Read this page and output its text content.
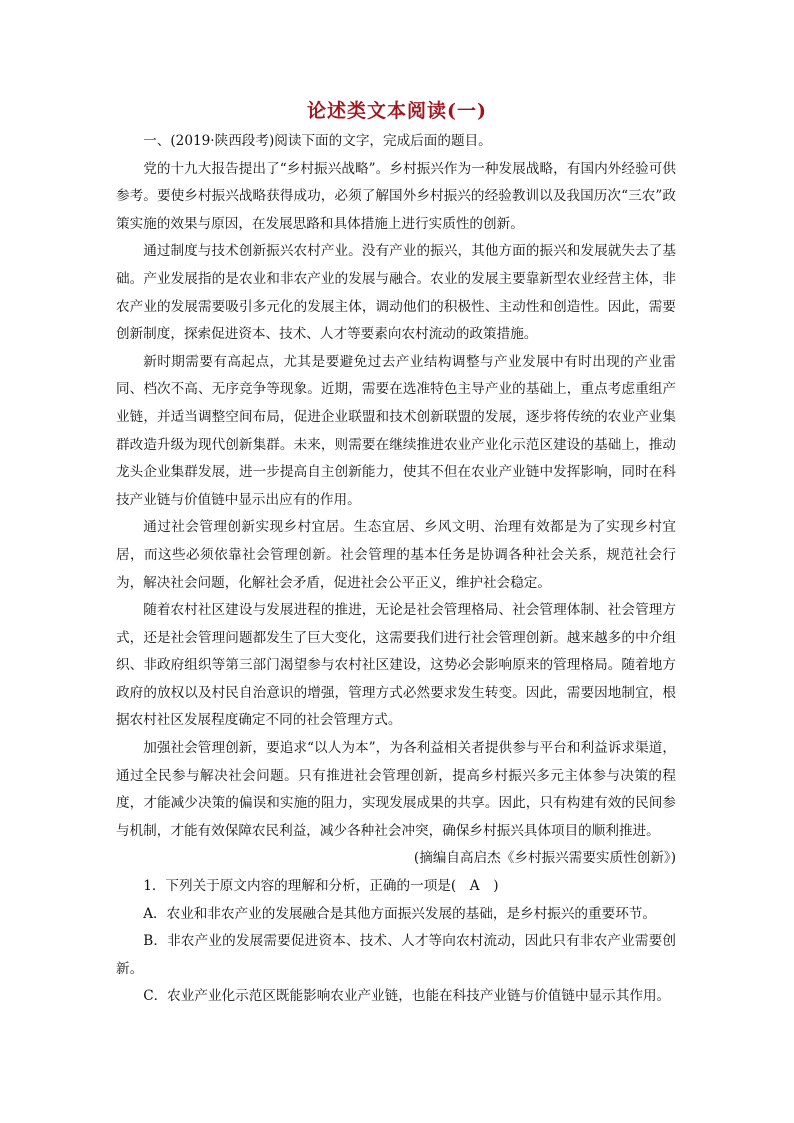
论述类文本阅读(一)

一、(2019·陕西段考)阅读下面的文字，完成后面的题目。

党的十九大报告提出了“乡村振兴战略”。乡村振兴作为一种发展战略，有国内外经验可供参考。要使乡村振兴战略获得成功，必须了解国外乡村振兴的经验教训以及我国历次“三农”政策实施的效果与原因，在发展思路和具体措施上进行实质性的创新。

通过制度与技术创新振兴农村产业。没有产业的振兴，其他方面的振兴和发展就失去了基础。产业发展指的是农业和非农产业的发展与融合。农业的发展主要靠新型农业经营主体，非农产业的发展需要吸引多元化的发展主体，调动他们的积极性、主动性和创造性。因此，需要创新制度，探索促进资本、技术、人才等要素向农村流动的政策措施。

新时期需要有高起点，尤其是要避免过去产业结构调整与产业发展中有时出现的产业雷同、档次不高、无序竞争等现象。近期，需要在选准特色主导产业的基础上，重点考虑重组产业链，并适当调整空间布局，促进企业联盟和技术创新联盟的发展，逐步将传统的农业产业集群改造升级为现代创新集群。未来，则需要在继续推进农业产业化示范区建设的基础上，推动龙头企业集群发展，进一步提高自主创新能力，使其不但在农业产业链中发挥影响，同时在科技产业链与价值链中显示出应有的作用。

通过社会管理创新实现乡村宜居。生态宜居、乡风文明、治理有效都是为了实现乡村宜居，而这些必须依靠社会管理创新。社会管理的基本任务是协调各种社会关系，规范社会行为，解决社会问题，化解社会矛盾，促进社会公平正义，维护社会稳定。

随着农村社区建设与发展进程的推进，无论是社会管理格局、社会管理体制、社会管理方式，还是社会管理问题都发生了巨大变化，这需要我们进行社会管理创新。越来越多的中介组织、非政府组织等第三部门渴望参与农村社区建设，这势必会影响原来的管理格局。随着地方政府的放权以及村民自治意识的增强，管理方式必然要求发生转变。因此，需要因地制宜，根据农村社区发展程度确定不同的社会管理方式。

加强社会管理创新，要追求“以人为本”，为各利益相关者提供参与平台和利益诉求渠道，通过全民参与解决社会问题。只有推进社会管理创新，提高乡村振兴多元主体参与决策的程度，才能减少决策的偏误和实施的阻力，实现发展成果的共享。因此，只有构建有效的民间参与机制，才能有效保障农民利益，减少各种社会冲突，确保乡村振兴具体项目的顺利推进。

(摘编自高启杰《乡村振兴需要实质性创新》)

1．下列关于原文内容的理解和分析，正确的一项是(　A　)

A．农业和非农产业的发展融合是其他方面振兴发展的基础，是乡村振兴的重要环节。

B．非农产业的发展需要促进资本、技术、人才等向农村流动，因此只有非农产业需要创新。

C．农业产业化示范区既能影响农业产业链，也能在科技产业链与价值链中显示其作用。
